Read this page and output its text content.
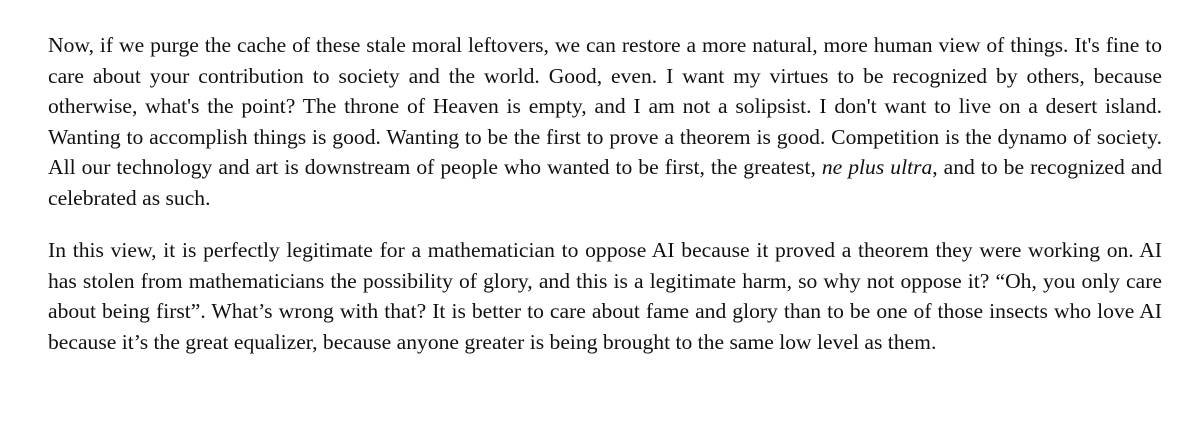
Now, if we purge the cache of these stale moral leftovers, we can restore a more natural, more human view of things. It's fine to care about your contribution to society and the world. Good, even. I want my virtues to be recognized by others, because otherwise, what's the point? The throne of Heaven is empty, and I am not a solipsist. I don't want to live on a desert island. Wanting to accomplish things is good. Wanting to be the first to prove a theorem is good. Competition is the dynamo of society. All our technology and art is downstream of people who wanted to be first, the greatest, ne plus ultra, and to be recognized and celebrated as such.

In this view, it is perfectly legitimate for a mathematician to oppose AI because it proved a theorem they were working on. AI has stolen from mathematicians the possibility of glory, and this is a legitimate harm, so why not oppose it? “Oh, you only care about being first”. What’s wrong with that? It is better to care about fame and glory than to be one of those insects who love AI because it’s the great equalizer, because anyone greater is being brought to the same low level as them.
